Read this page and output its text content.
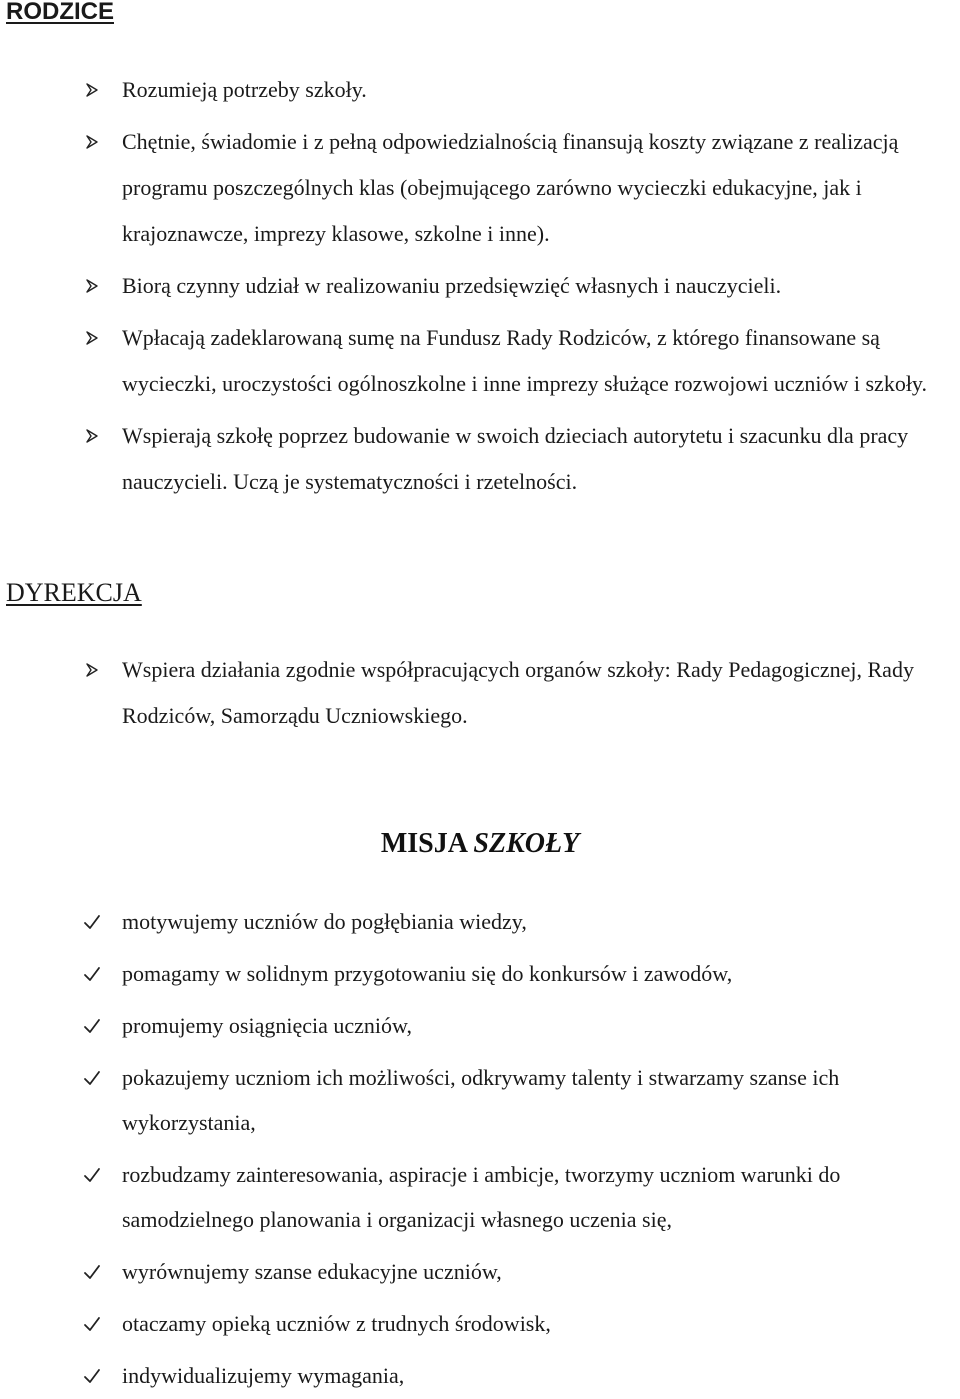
RODZICE
Rozumieją potrzeby szkoły.
Chętnie, świadomie i z pełną odpowiedzialnością finansują koszty związane z realizacją programu poszczególnych klas (obejmującego zarówno wycieczki edukacyjne, jak i krajoznawcze, imprezy klasowe, szkolne i inne).
Biorą czynny udział w realizowaniu przedsięwzięć własnych i nauczycieli.
Wpłacają zadeklarowaną sumę na Fundusz Rady Rodziców, z którego finansowane są wycieczki, uroczystości ogólnoszkolne i inne imprezy służące rozwojowi uczniów i szkoły.
Wspierają szkołę poprzez budowanie w swoich dzieciach autorytetu i szacunku dla pracy nauczycieli. Uczą je systematyczności i rzetelności.
DYREKCJA
Wspiera działania zgodnie współpracujących organów szkoły: Rady Pedagogicznej, Rady Rodziców, Samorządu Uczniowskiego.
MISJA SZKOŁY
motywujemy uczniów do pogłębiania wiedzy,
pomagamy w solidnym przygotowaniu się do konkursów i zawodów,
promujemy osiągnięcia uczniów,
pokazujemy uczniom ich możliwości, odkrywamy talenty i stwarzamy szanse ich wykorzystania,
rozbudzamy zainteresowania, aspiracje i ambicje, tworzymy uczniom warunki do samodzielnego planowania i organizacji własnego uczenia się,
wyrównujemy szanse edukacyjne uczniów,
otaczamy opieką uczniów z trudnych środowisk,
indywidualizujemy wymagania,
